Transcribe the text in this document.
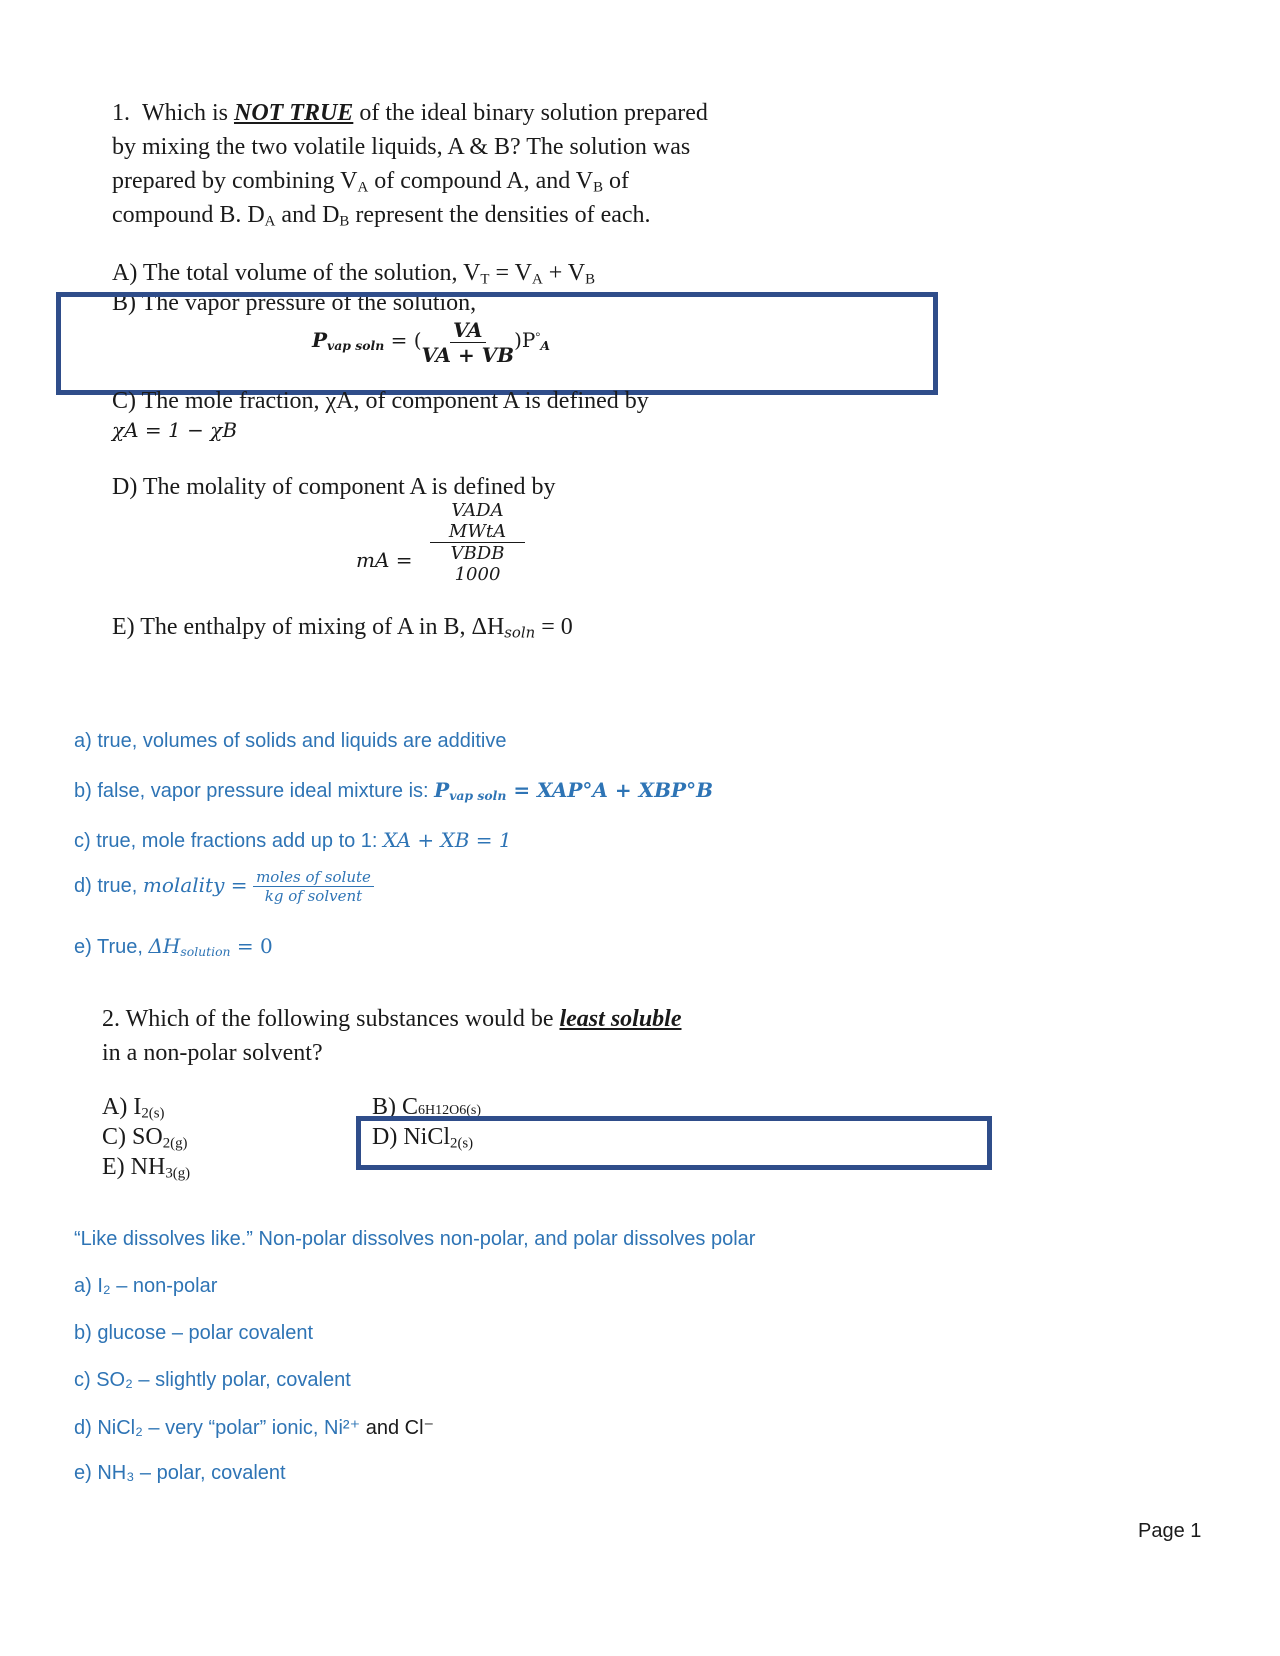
1. Which is NOT TRUE of the ideal binary solution prepared
by mixing the two volatile liquids, A & B? The solution was
prepared by combining $V_A$ of compound A, and $V_B$ of
compound B. $D_A$ and $D_B$ represent the densities of each.
A) The total volume of the solution, $V_T = V_A + V_B$
B) The vapor pressure of the solution,
$P_{vap soln}$ = ( $\frac{VA}{VA + VB} )P^\circ_A$
C) The mole fraction, χA, of component A is defined by
χA = 1 − χB
D) The molality of component A is defined by
mA =
VADA
MWtA
VBDB
1000
E) The enthalpy of mixing of A in B, $\Delta H_{soln} = 0$
a) true, volumes of solids and liquids are additive
b) false, vapor pressure ideal mixture is: $P_{vap soln} = XAP^\circ A + XBP^\circ B$
c) true, mole fractions add up to 1: XA + XB = 1
d) true, molality = $\frac{\text{moles of solute}}{\text{kg of solvent}}$
e) True, $\Delta H_{solution} = 0$
2. Which of the following substances would be least soluble
in a non-polar solvent?
A) $I_{2(s)}$
C) $SO_{2(g)}$
E) $NH_{3(g)}$
B) C6H12O6(s)
D) NiCl$_{2(s)}$
“Like dissolves like.” Non-polar dissolves non-polar, and polar dissolves polar
a) I₂ – non-polar
b) glucose – polar covalent
c) SO₂ – slightly polar, covalent
d) NiCl₂ – very “polar” ionic, Ni²⁺ and Cl⁻
e) NH₃ – polar, covalent
Page 1
